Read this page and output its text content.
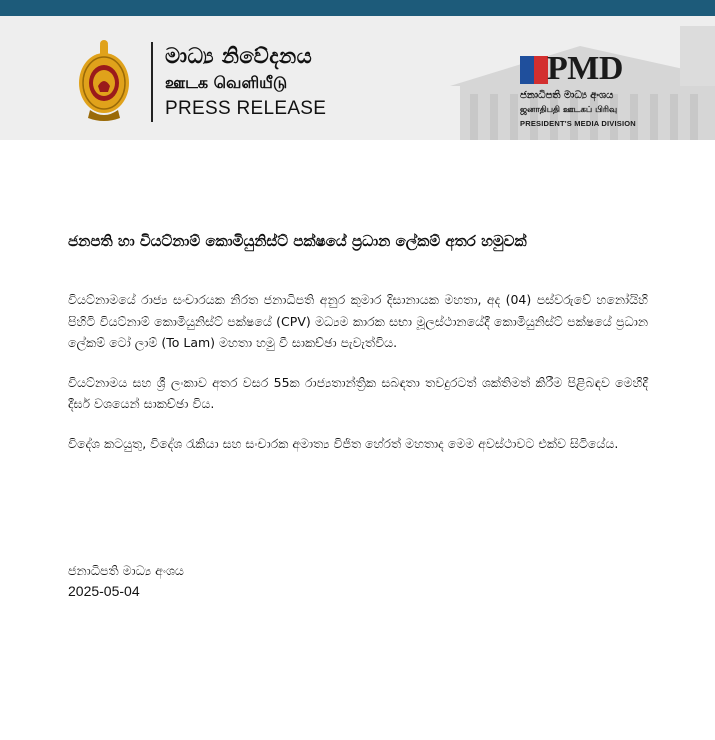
මාධ්‍ය නිවේදනය
ஊடக வெளியீடு
PRESS RELEASE
PMD
ජනාධිපති මාධ්‍ය අංශය
ஜனாதிபதி ஊடகப் பிரிவு
PRESIDENT'S MEDIA DIVISION
ජනපති හා වියට්නාම් කොමියුනිස්ට් පක්ෂයේ ප්‍රධාන ලේකම් අතර හමුවක්

වියට්නාමයේ රාජ්‍ය සංචාරයක නිරත ජනාධිපති අනුර කුමාර දිසානායක මහතා, අද (04) පස්වරුවේ හනෝයිහි පිහිටි වියට්නාම් කොමියුනිස්ට් පක්ෂයේ (CPV) මධ්‍යම කාරක සභා මූලස්ථානයේදී කොමියුනිස්ට් පක්ෂයේ ප්‍රධාන ලේකම් ටෝ ලාම් (To Lam) මහතා හමු වී සාකච්ඡා පැවැත්විය.

වියට්නාමය සහ ශ්‍රී ලංකාව අතර වසර 55ක රාජ්‍යතාන්ත්‍රික සබඳතා තවදුරටත් ශක්තිමත් කිරීම පිළිබඳව මෙහිදී දීර්ඝ වශයෙන් සාකච්ඡා විය.

විදේශ කටයුතු, විදේශ රැකියා සහ සංචාරක අමාත්‍ය විජිත හේරත් මහතාද මෙම අවස්ථාවට එක්ව සිටියේය.

ජනාධිපති මාධ්‍ය අංශය
2025-05-04
